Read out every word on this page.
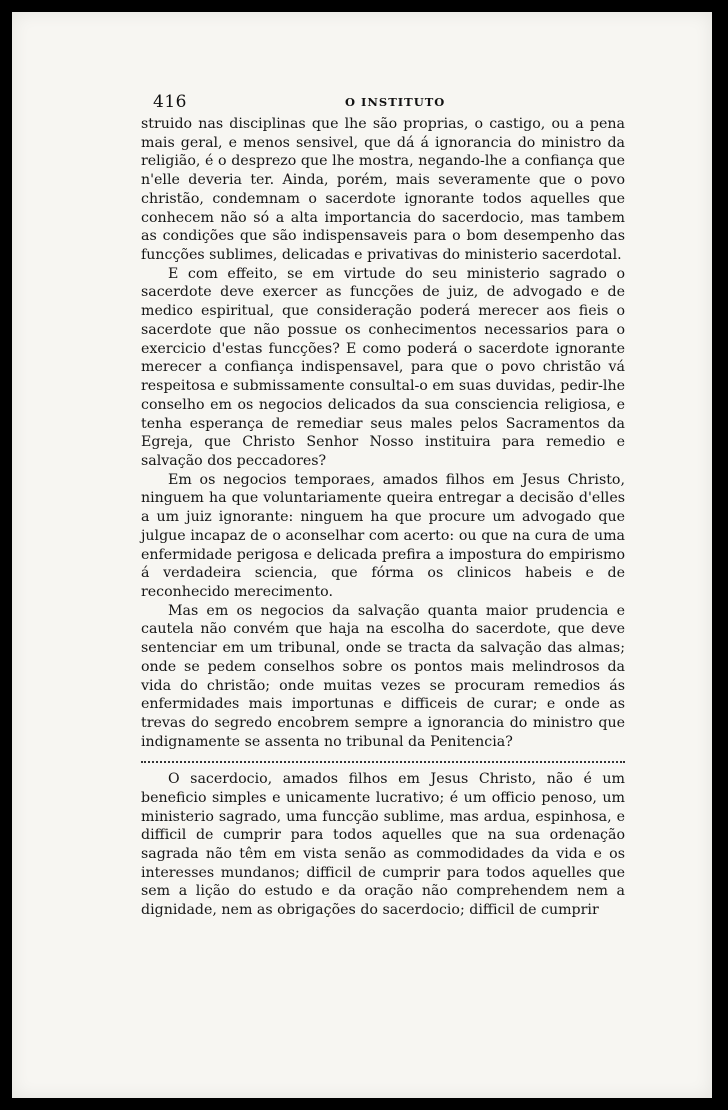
416	O INSTITUTO

struido nas disciplinas que lhe são proprias, o castigo, ou a pena mais geral, e menos sensivel, que dá á ignorancia do ministro da religião, é o desprezo que lhe mostra, negando-lhe a confiança que n'elle deveria ter. Ainda, porém, mais severamente que o povo christão, condemnam o sacerdote ignorante todos aquelles que conhecem não só a alta importancia do sacerdocio, mas tambem as condições que são indispensaveis para o bom desempenho das funcções sublimes, delicadas e privativas do ministerio sacerdotal.

E com effeito, se em virtude do seu ministerio sagrado o sacerdote deve exercer as funcções de juiz, de advogado e de medico espiritual, que consideração poderá merecer aos fieis o sacerdote que não possue os conhecimentos necessarios para o exercicio d'estas funcções? E como poderá o sacerdote ignorante merecer a confiança indispensavel, para que o povo christão vá respeitosa e submissamente consultal-o em suas duvidas, pedir-lhe conselho em os negocios delicados da sua consciencia religiosa, e tenha esperança de remediar seus males pelos Sacramentos da Egreja, que Christo Senhor Nosso instituira para remedio e salvação dos peccadores?

Em os negocios temporaes, amados filhos em Jesus Christo, ninguem ha que voluntariamente queira entregar a decisão d'elles a um juiz ignorante: ninguem ha que procure um advogado que julgue incapaz de o aconselhar com acerto: ou que na cura de uma enfermidade perigosa e delicada prefira a impostura do empirismo á verdadeira sciencia, que fórma os clinicos habeis e de reconhecido merecimento.

Mas em os negocios da salvação quanta maior prudencia e cautela não convém que haja na escolha do sacerdote, que deve sentenciar em um tribunal, onde se tracta da salvação das almas; onde se pedem conselhos sobre os pontos mais melindrosos da vida do christão; onde muitas vezes se procuram remedios ás enfermidades mais importunas e difficeis de curar; e onde as trevas do segredo encobrem sempre a ignorancia do ministro que indignamente se assenta no tribunal da Penitencia?

O sacerdocio, amados filhos em Jesus Christo, não é um beneficio simples e unicamente lucrativo; é um officio penoso, um ministerio sagrado, uma funcção sublime, mas ardua, espinhosa, e difficil de cumprir para todos aquelles que na sua ordenação sagrada não têm em vista senão as commodidades da vida e os interesses mundanos; difficil de cumprir para todos aquelles que sem a lição do estudo e da oração não comprehendem nem a dignidade, nem as obrigações do sacerdocio; difficil de cumprir
